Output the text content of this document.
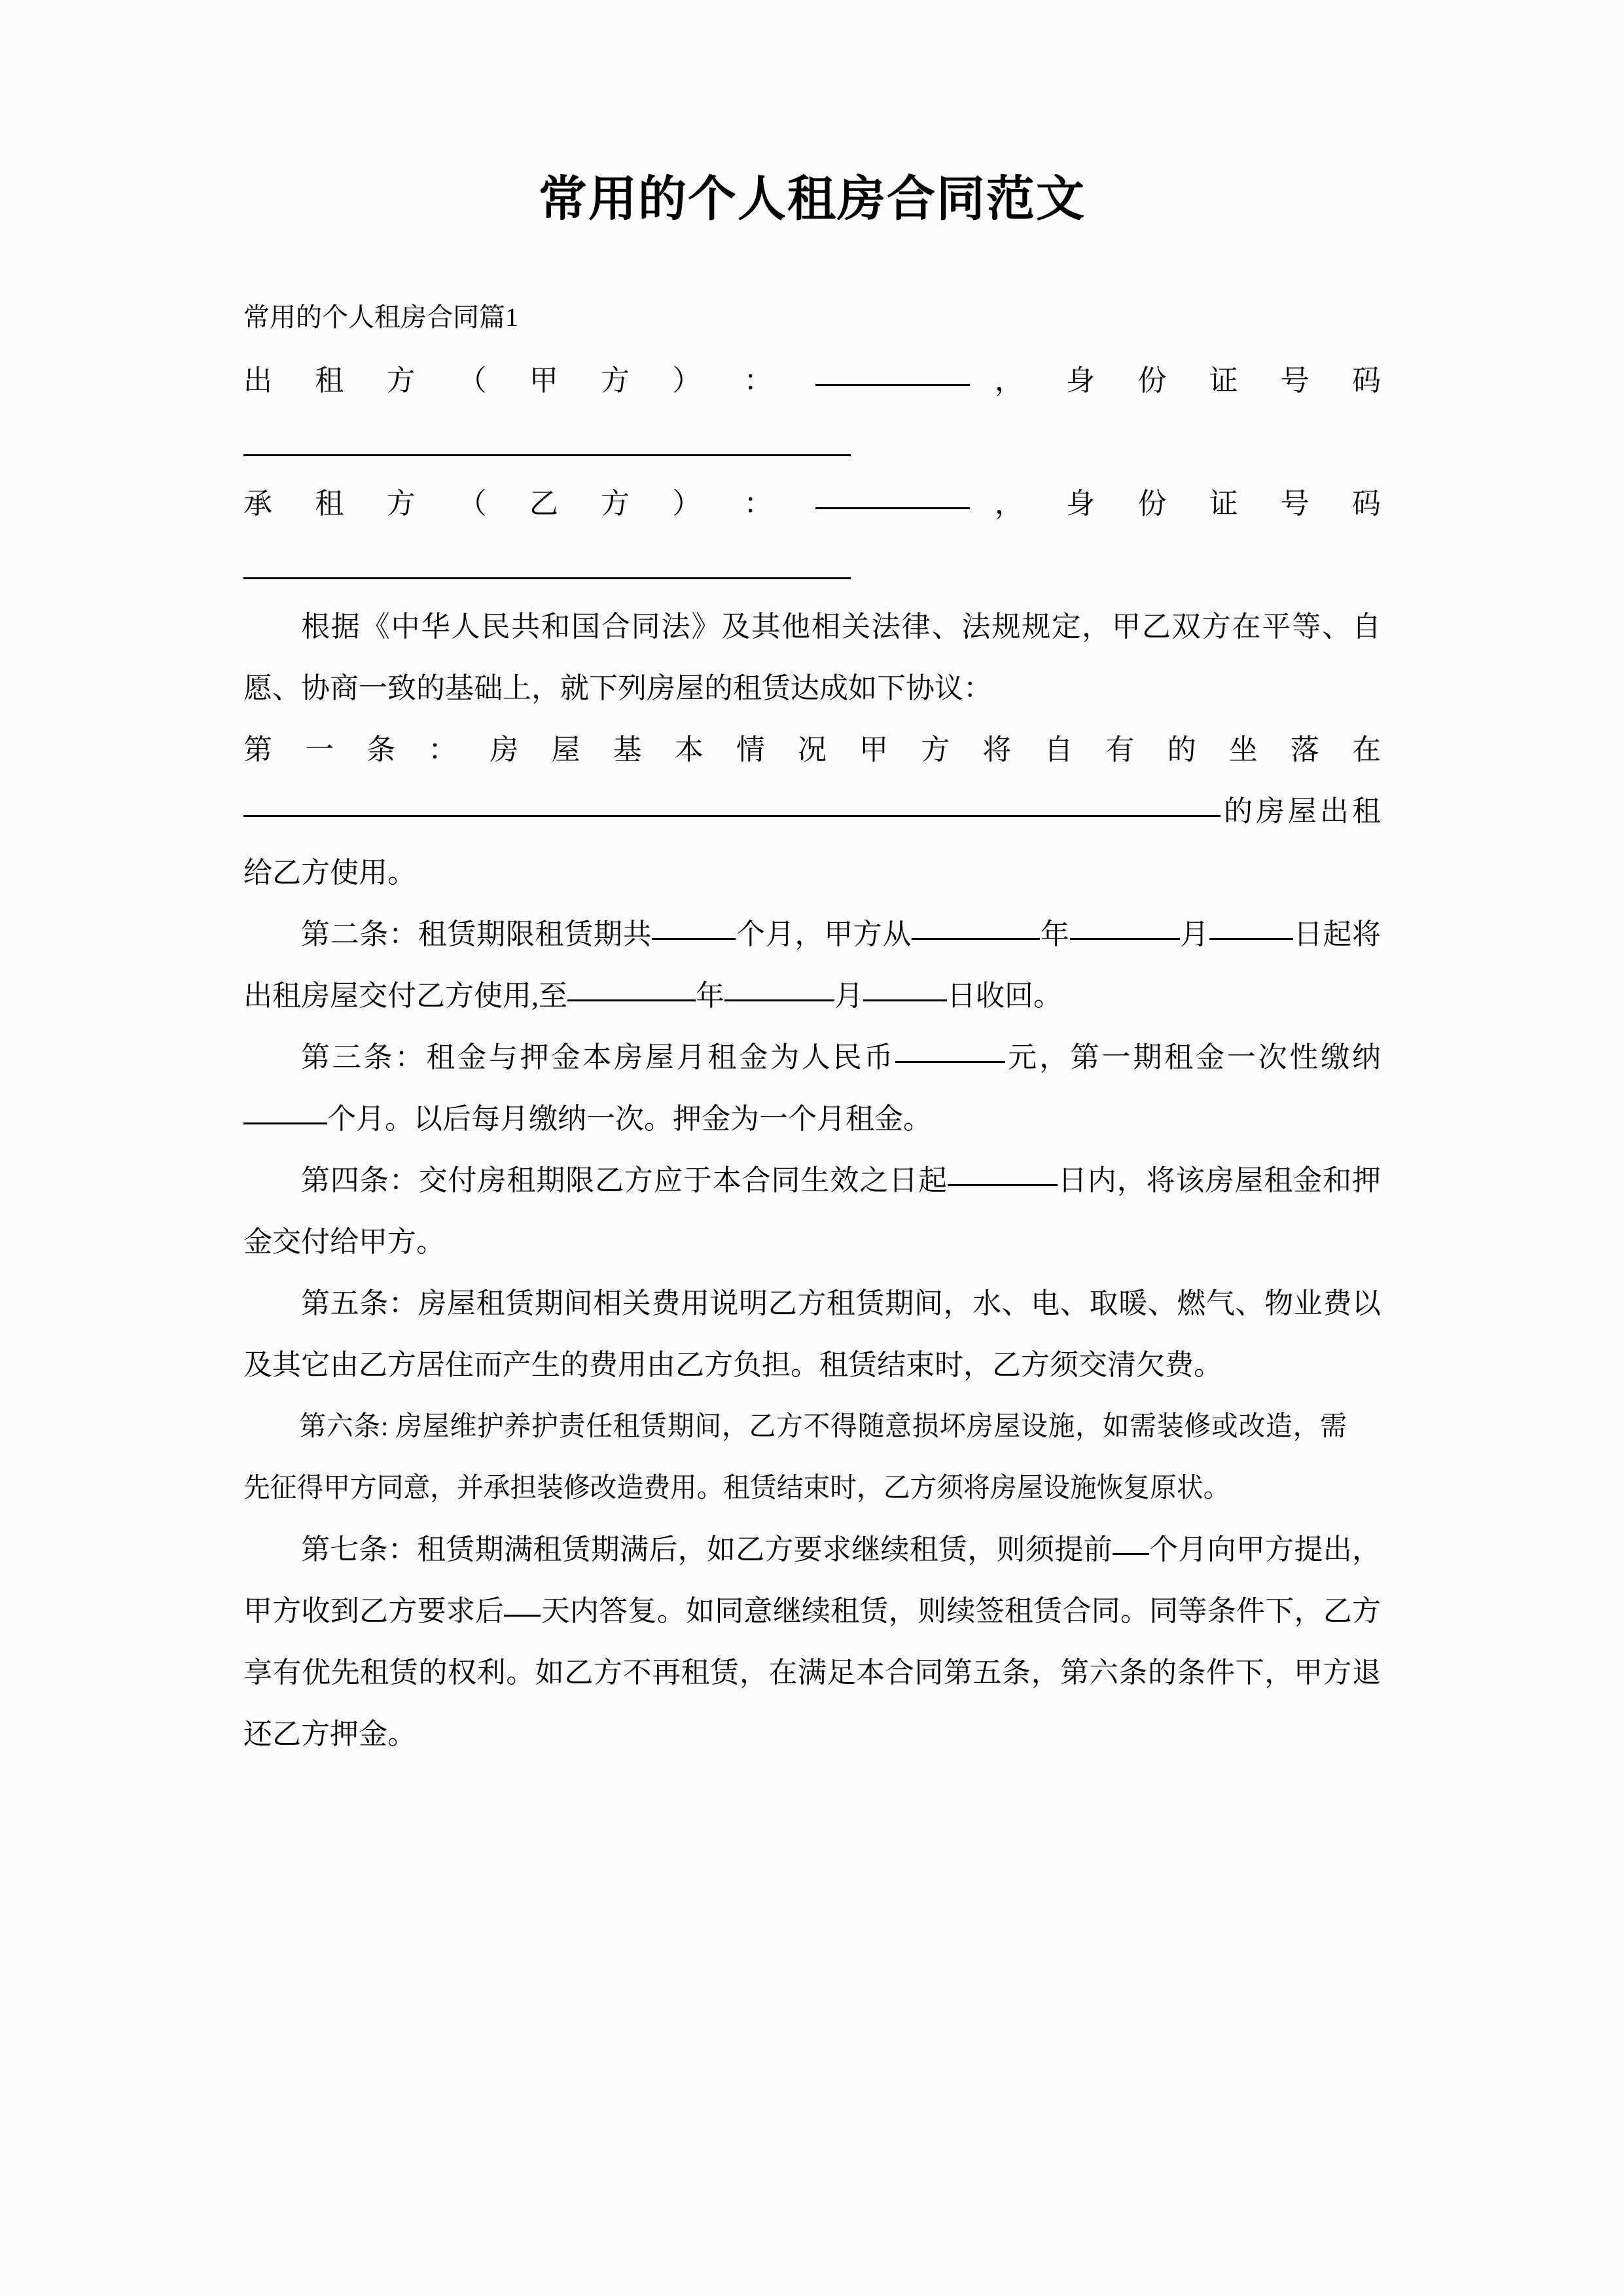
常用的个人租房合同范文
常用的个人租房合同篇1

出 租 方 （ 甲 方 ） ：	， 身 份 证 号 码

承 租 方 （ 乙 方 ） ：	， 身 份 证 号 码

根据《中华人民共和国合同法》及其他相关法律、法规规定，甲乙双方在平等、自愿、协商一致的基础上，就下列房屋的租赁达成如下协议：

第 一 条 ： 房 屋 基 本 情 况 甲 方 将 自 有 的 坐 落 在

的房屋出租给乙方使用。

第二条：租赁期限租赁期共	个月，甲方从	年	月	日起将出租房屋交付乙方使用,至	年	月	日收回。

第三条：租金与押金本房屋月租金为人民币	元，第一期租金一次性缴纳个月。以后每月缴纳一次。押金为一个月租金。

第四条：交付房租期限乙方应于本合同生效之日起	日内，将该房屋租金和押金交付给甲方。

第五条：房屋租赁期间相关费用说明乙方租赁期间，水、电、取暖、燃气、物业费以及其它由乙方居住而产生的费用由乙方负担。租赁结束时，乙方须交清欠费。

第六条: 房屋维护养护责任租赁期间，乙方不得随意损坏房屋设施，如需装修或改造，需先征得甲方同意，并承担装修改造费用。租赁结束时，乙方须将房屋设施恢复原状。

第七条：租赁期满租赁期满后，如乙方要求继续租赁，则须提前 个月向甲方提出，甲方收到乙方要求后 天内答复。如同意继续租赁，则续签租赁合同。同等条件下，乙方享有优先租赁的权利。如乙方不再租赁，在满足本合同第五条，第六条的条件下，甲方退还乙方押金。
